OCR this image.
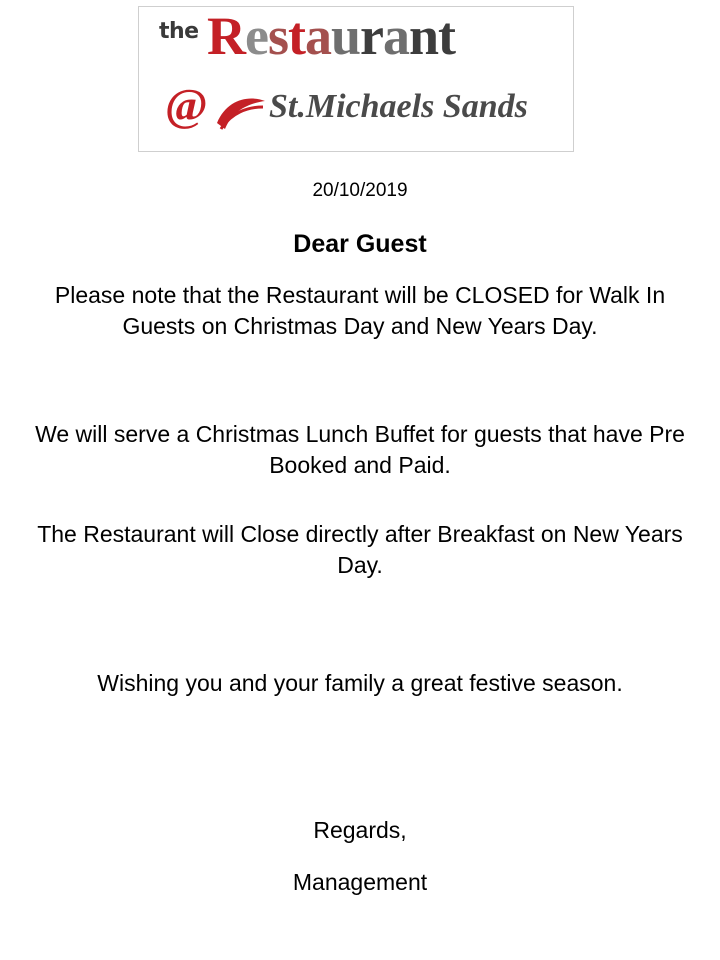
the Restaurant
@ St.Michaels Sands
20/10/2019
Dear Guest
Please note that the Restaurant will be CLOSED for Walk In Guests on Christmas Day and New Years Day.
We will serve a Christmas Lunch Buffet for guests that have Pre Booked and Paid.
The Restaurant will Close directly after Breakfast on New Years Day.
Wishing you and your family a great festive season.
Regards,
Management
